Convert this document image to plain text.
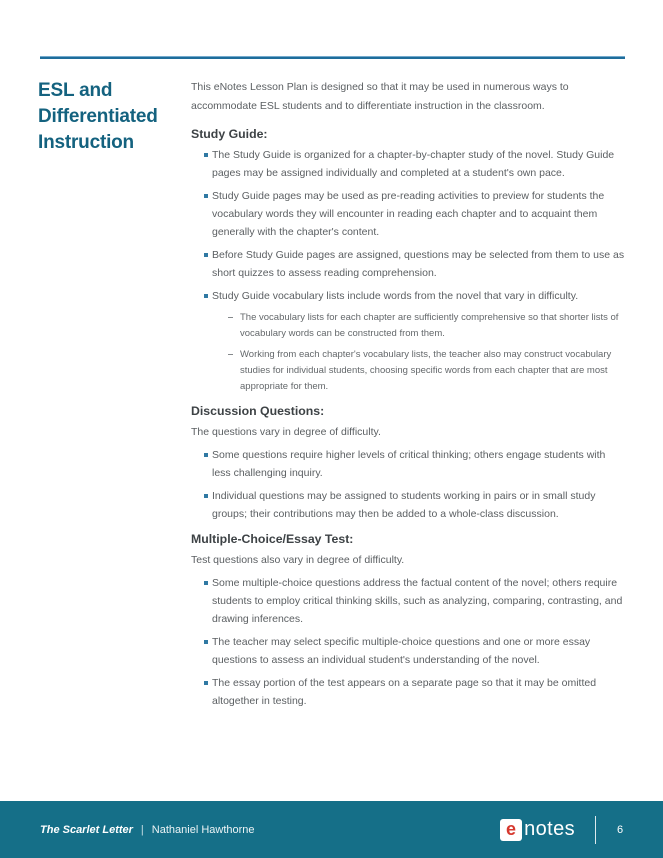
ESL and Differentiated Instruction

This eNotes Lesson Plan is designed so that it may be used in numerous ways to accommodate ESL students and to differentiate instruction in the classroom.

Study Guide:
The Study Guide is organized for a chapter-by-chapter study of the novel. Study Guide pages may be assigned individually and completed at a student's own pace.
Study Guide pages may be used as pre-reading activities to preview for students the vocabulary words they will encounter in reading each chapter and to acquaint them generally with the chapter's content.
Before Study Guide pages are assigned, questions may be selected from them to use as short quizzes to assess reading comprehension.
Study Guide vocabulary lists include words from the novel that vary in difficulty.
The vocabulary lists for each chapter are sufficiently comprehensive so that shorter lists of vocabulary words can be constructed from them.
Working from each chapter's vocabulary lists, the teacher also may construct vocabulary studies for individual students, choosing specific words from each chapter that are most appropriate for them.
Discussion Questions:

The questions vary in degree of difficulty.

Some questions require higher levels of critical thinking; others engage students with less challenging inquiry.
Individual questions may be assigned to students working in pairs or in small study groups; their contributions may then be added to a whole-class discussion.
Multiple-Choice/Essay Test:

Test questions also vary in degree of difficulty.

Some multiple-choice questions address the factual content of the novel; others require students to employ critical thinking skills, such as analyzing, comparing, contrasting, and drawing inferences.
The teacher may select specific multiple-choice questions and one or more essay questions to assess an individual student's understanding of the novel.
The essay portion of the test appears on a separate page so that it may be omitted altogether in testing.
The Scarlet Letter | Nathaniel Hawthorne	e notes	6
